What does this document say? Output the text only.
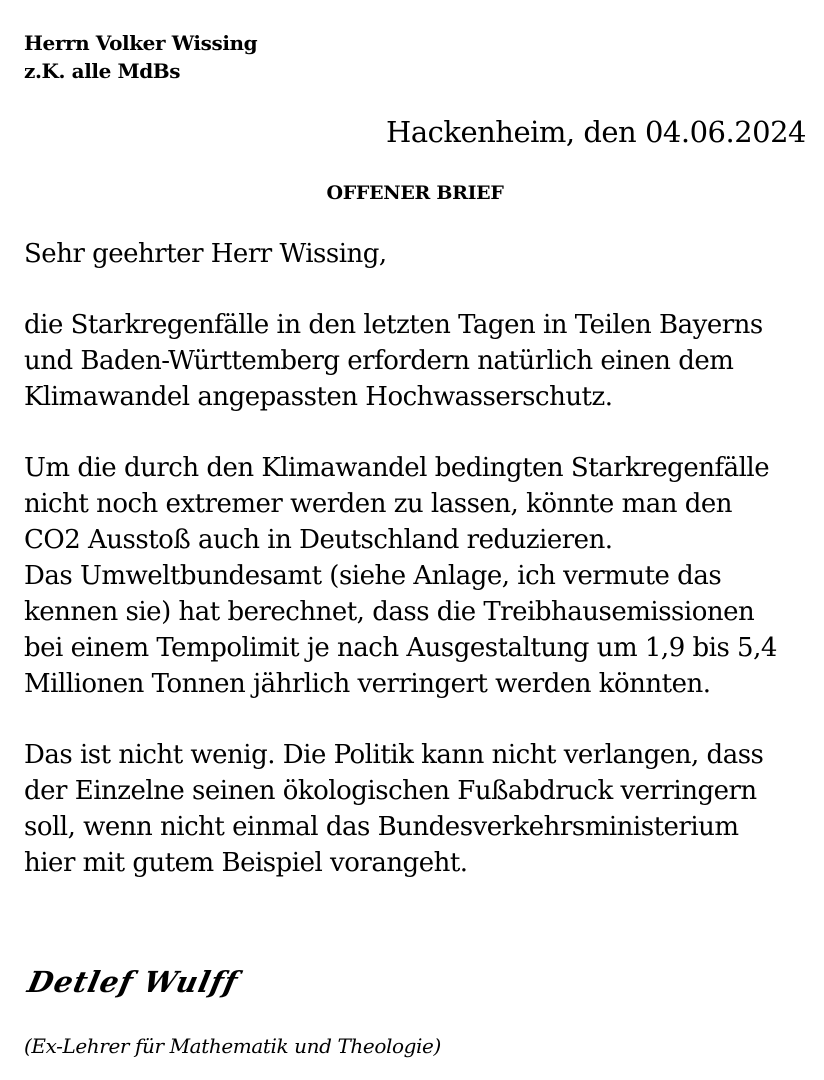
Herrn Volker Wissing
z.K. alle MdBs
Hackenheim, den 04.06.2024
OFFENER BRIEF

Sehr geehrter Herr Wissing,

die Starkregenfälle in den letzten Tagen in Teilen Bayerns
und Baden-Württemberg erfordern natürlich einen dem
Klimawandel angepassten Hochwasserschutz.

Um die durch den Klimawandel bedingten Starkregenfälle
nicht noch extremer werden zu lassen, könnte man den
CO2 Ausstoß auch in Deutschland reduzieren.
Das Umweltbundesamt (siehe Anlage, ich vermute das
kennen sie) hat berechnet, dass die Treibhausemissionen
bei einem Tempolimit je nach Ausgestaltung um 1,9 bis 5,4
Millionen Tonnen jährlich verringert werden könnten.

Das ist nicht wenig. Die Politik kann nicht verlangen, dass
der Einzelne seinen ökologischen Fußabdruck verringern
soll, wenn nicht einmal das Bundesverkehrsministerium
hier mit gutem Beispiel vorangeht.

Detlef Wulff
(Ex-Lehrer für Mathematik und Theologie)
